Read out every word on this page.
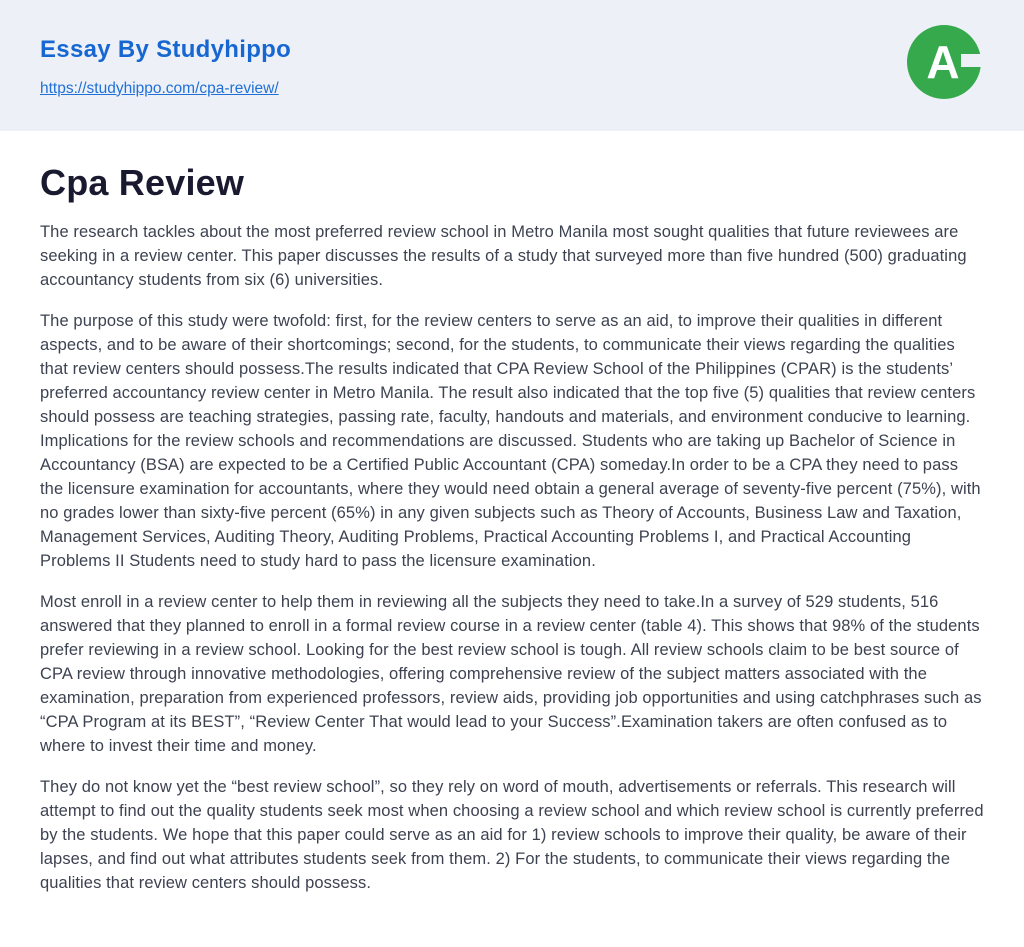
Essay By Studyhippo
https://studyhippo.com/cpa-review/
A
Cpa Review

The research tackles about the most preferred review school in Metro Manila most sought qualities that future reviewees are seeking in a review center. This paper discusses the results of a study that surveyed more than five hundred (500) graduating accountancy students from six (6) universities.

The purpose of this study were twofold: first, for the review centers to serve as an aid, to improve their qualities in different aspects, and to be aware of their shortcomings; second, for the students, to communicate their views regarding the qualities that review centers should possess.The results indicated that CPA Review School of the Philippines (CPAR) is the students’ preferred accountancy review center in Metro Manila. The result also indicated that the top five (5) qualities that review centers should possess are teaching strategies, passing rate, faculty, handouts and materials, and environment conducive to learning. Implications for the review schools and recommendations are discussed. Students who are taking up Bachelor of Science in Accountancy (BSA) are expected to be a Certified Public Accountant (CPA) someday.In order to be a CPA they need to pass the licensure examination for accountants, where they would need obtain a general average of seventy-five percent (75%), with no grades lower than sixty-five percent (65%) in any given subjects such as Theory of Accounts, Business Law and Taxation, Management Services, Auditing Theory, Auditing Problems, Practical Accounting Problems I, and Practical Accounting Problems II Students need to study hard to pass the licensure examination.

Most enroll in a review center to help them in reviewing all the subjects they need to take.In a survey of 529 students, 516 answered that they planned to enroll in a formal review course in a review center (table 4). This shows that 98% of the students prefer reviewing in a review school. Looking for the best review school is tough. All review schools claim to be best source of CPA review through innovative methodologies, offering comprehensive review of the subject matters associated with the examination, preparation from experienced professors, review aids, providing job opportunities and using catchphrases such as “CPA Program at its BEST”, “Review Center That would lead to your Success”.Examination takers are often confused as to where to invest their time and money.

They do not know yet the “best review school”, so they rely on word of mouth, advertisements or referrals. This research will attempt to find out the quality students seek most when choosing a review school and which review school is currently preferred by the students. We hope that this paper could serve as an aid for 1) review schools to improve their quality, be aware of their lapses, and find out what attributes students seek from them. 2) For the students, to communicate their views regarding the qualities that review centers should possess.
